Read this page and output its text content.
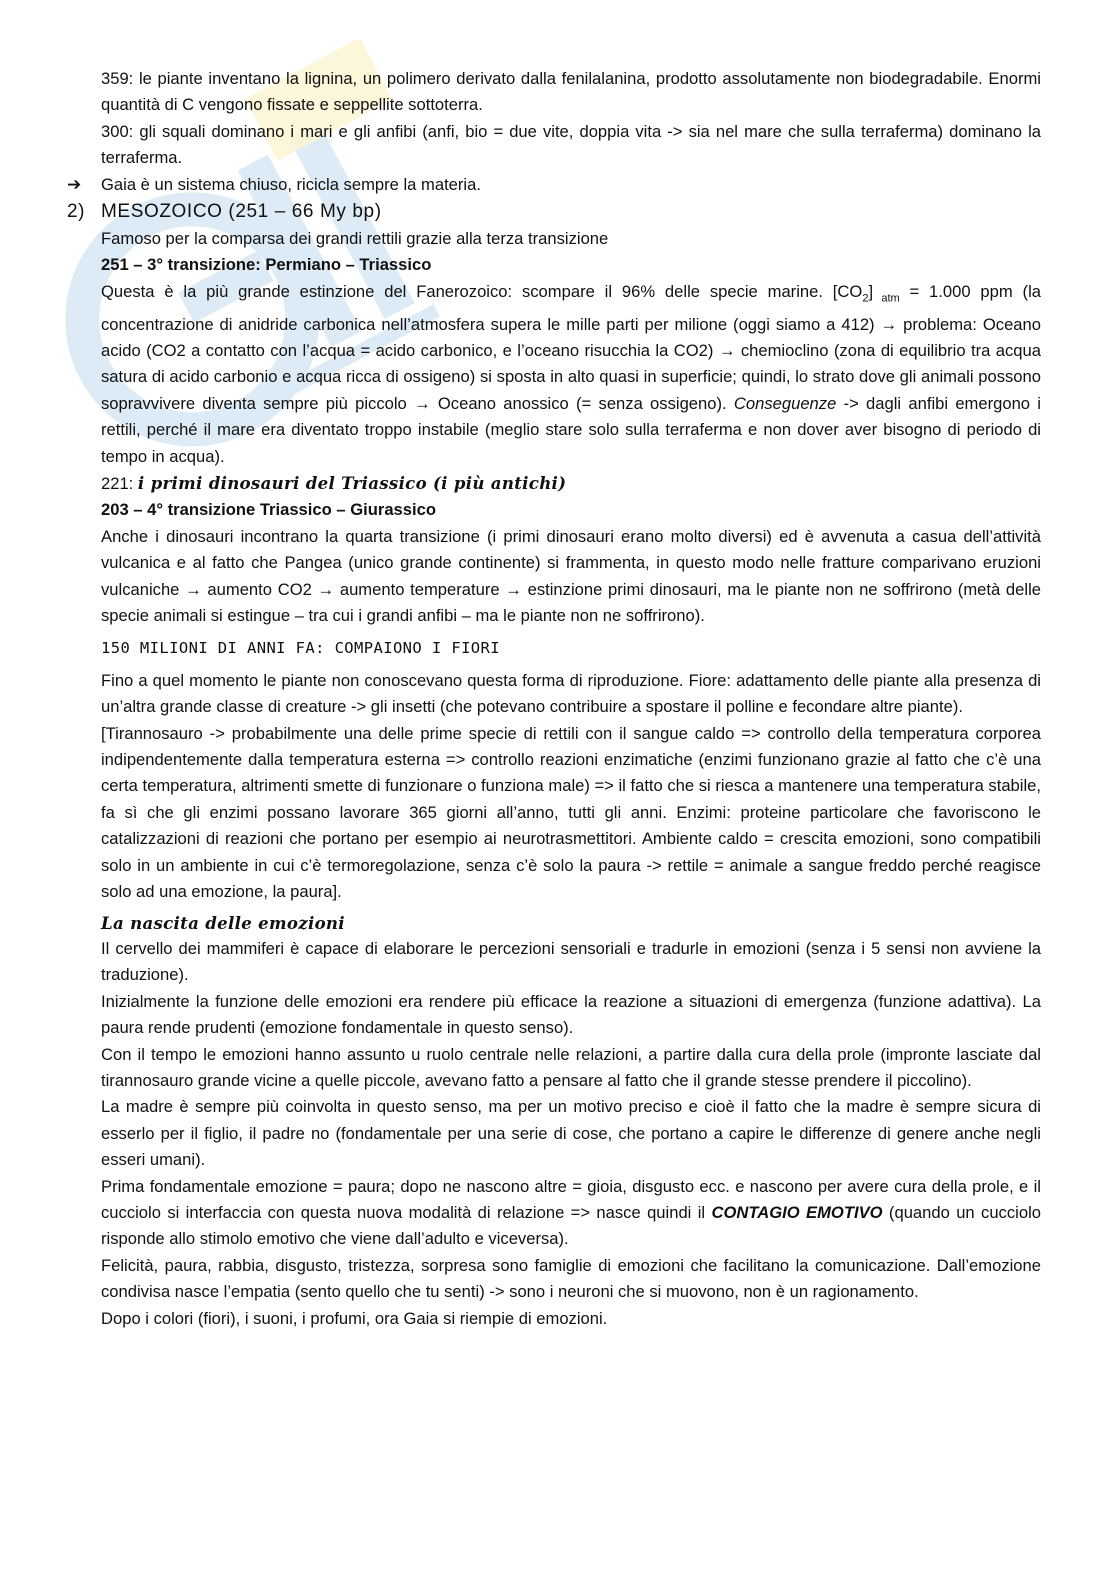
359: le piante inventano la lignina, un polimero derivato dalla fenilalanina, prodotto assolutamente non biodegradabile. Enormi quantità di C vengono fissate e seppellite sottoterra.

300: gli squali dominano i mari e gli anfibi (anfi, bio = due vite, doppia vita -> sia nel mare che sulla terraferma) dominano la terraferma.

➔ Gaia è un sistema chiuso, ricicla sempre la materia.

2) MESOZOICO (251 – 66 My bp)

Famoso per la comparsa dei grandi rettili grazie alla terza transizione

251 – 3° transizione: Permiano – Triassico

Questa è la più grande estinzione del Fanerozoico: scompare il 96% delle specie marine. $[CO_2] _{atm} = 1.000$ ppm (la concentrazione di anidride carbonica nell’atmosfera supera le mille parti per milione (oggi siamo a 412) → problema: Oceano acido (CO2 a contatto con l’acqua = acido carbonico, e l’oceano risucchia la CO2) → chemioclino (zona di equilibrio tra acqua satura di acido carbonio e acqua ricca di ossigeno) si sposta in alto quasi in superficie; quindi, lo strato dove gli animali possono sopravvivere diventa sempre più piccolo → Oceano anossico (= senza ossigeno). Conseguenze -> dagli anfibi emergono i rettili, perché il mare era diventato troppo instabile (meglio stare solo sulla terraferma e non dover aver bisogno di periodo di tempo in acqua).

221: i primi dinosauri del Triassico (i più antichi)

203 – 4° transizione Triassico – Giurassico

Anche i dinosauri incontrano la quarta transizione (i primi dinosauri erano molto diversi) ed è avvenuta a casua dell’attività vulcanica e al fatto che Pangea (unico grande continente) si frammenta, in questo modo nelle fratture comparivano eruzioni vulcaniche → aumento CO2 → aumento temperature → estinzione primi dinosauri, ma le piante non ne soffrirono (metà delle specie animali si estingue – tra cui i grandi anfibi – ma le piante non ne soffrirono).

150 MILIONI DI ANNI FA: COMPAIONO I FIORI

Fino a quel momento le piante non conoscevano questa forma di riproduzione. Fiore: adattamento delle piante alla presenza di un’altra grande classe di creature -> gli insetti (che potevano contribuire a spostare il polline e fecondare altre piante).

[Tirannosauro -> probabilmente una delle prime specie di rettili con il sangue caldo => controllo della temperatura corporea indipendentemente dalla temperatura esterna => controllo reazioni enzimatiche (enzimi funzionano grazie al fatto che c’è una certa temperatura, altrimenti smette di funzionare o funziona male) => il fatto che si riesca a mantenere una temperatura stabile, fa sì che gli enzimi possano lavorare 365 giorni all’anno, tutti gli anni. Enzimi: proteine particolare che favoriscono le catalizzazioni di reazioni che portano per esempio ai neurotrasmettitori. Ambiente caldo = crescita emozioni, sono compatibili solo in un ambiente in cui c’è termoregolazione, senza c’è solo la paura -> rettile = animale a sangue freddo perché reagisce solo ad una emozione, la paura].

La nascita delle emozioni

Il cervello dei mammiferi è capace di elaborare le percezioni sensoriali e tradurle in emozioni (senza i 5 sensi non avviene la traduzione).

Inizialmente la funzione delle emozioni era rendere più efficace la reazione a situazioni di emergenza (funzione adattiva). La paura rende prudenti (emozione fondamentale in questo senso).

Con il tempo le emozioni hanno assunto u ruolo centrale nelle relazioni, a partire dalla cura della prole (impronte lasciate dal tirannosauro grande vicine a quelle piccole, avevano fatto a pensare al fatto che il grande stesse prendere il piccolino).

La madre è sempre più coinvolta in questo senso, ma per un motivo preciso e cioè il fatto che la madre è sempre sicura di esserlo per il figlio, il padre no (fondamentale per una serie di cose, che portano a capire le differenze di genere anche negli esseri umani).

Prima fondamentale emozione = paura; dopo ne nascono altre = gioia, disgusto ecc. e nascono per avere cura della prole, e il cucciolo si interfaccia con questa nuova modalità di relazione => nasce quindi il CONTAGIO EMOTIVO (quando un cucciolo risponde allo stimolo emotivo che viene dall’adulto e viceversa).

Felicità, paura, rabbia, disgusto, tristezza, sorpresa sono famiglie di emozioni che facilitano la comunicazione. Dall’emozione condivisa nasce l’empatia (sento quello che tu senti) -> sono i neuroni che si muovono, non è un ragionamento.

Dopo i colori (fiori), i suoni, i profumi, ora Gaia si riempie di emozioni.
